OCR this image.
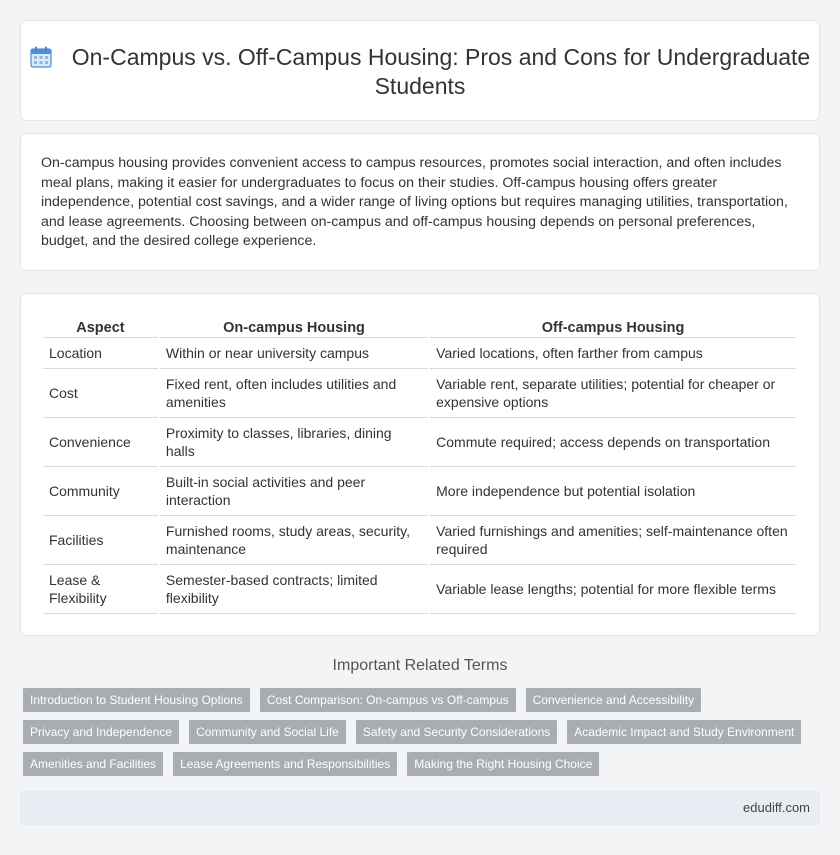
On-Campus vs. Off-Campus Housing: Pros and Cons for Undergraduate Students

On-campus housing provides convenient access to campus resources, promotes social interaction, and often includes meal plans, making it easier for undergraduates to focus on their studies. Off-campus housing offers greater independence, potential cost savings, and a wider range of living options but requires managing utilities, transportation, and lease agreements. Choosing between on-campus and off-campus housing depends on personal preferences, budget, and the desired college experience.

Aspect	On-campus Housing	Off-campus Housing
Location	Within or near university campus	Varied locations, often farther from campus
Cost	Fixed rent, often includes utilities and amenities	Variable rent, separate utilities; potential for cheaper or expensive options
Convenience	Proximity to classes, libraries, dining halls	Commute required; access depends on transportation
Community	Built-in social activities and peer interaction	More independence but potential isolation
Facilities	Furnished rooms, study areas, security, maintenance	Varied furnishings and amenities; self-maintenance often required
Lease & Flexibility	Semester-based contracts; limited flexibility	Variable lease lengths; potential for more flexible terms
Important Related Terms
Introduction to Student Housing Options Cost Comparison: On-campus vs Off-campus Convenience and Accessibility
Privacy and Independence Community and Social Life Safety and Security Considerations Academic Impact and Study Environment
Amenities and Facilities Lease Agreements and Responsibilities Making the Right Housing Choice
edudiff.com
